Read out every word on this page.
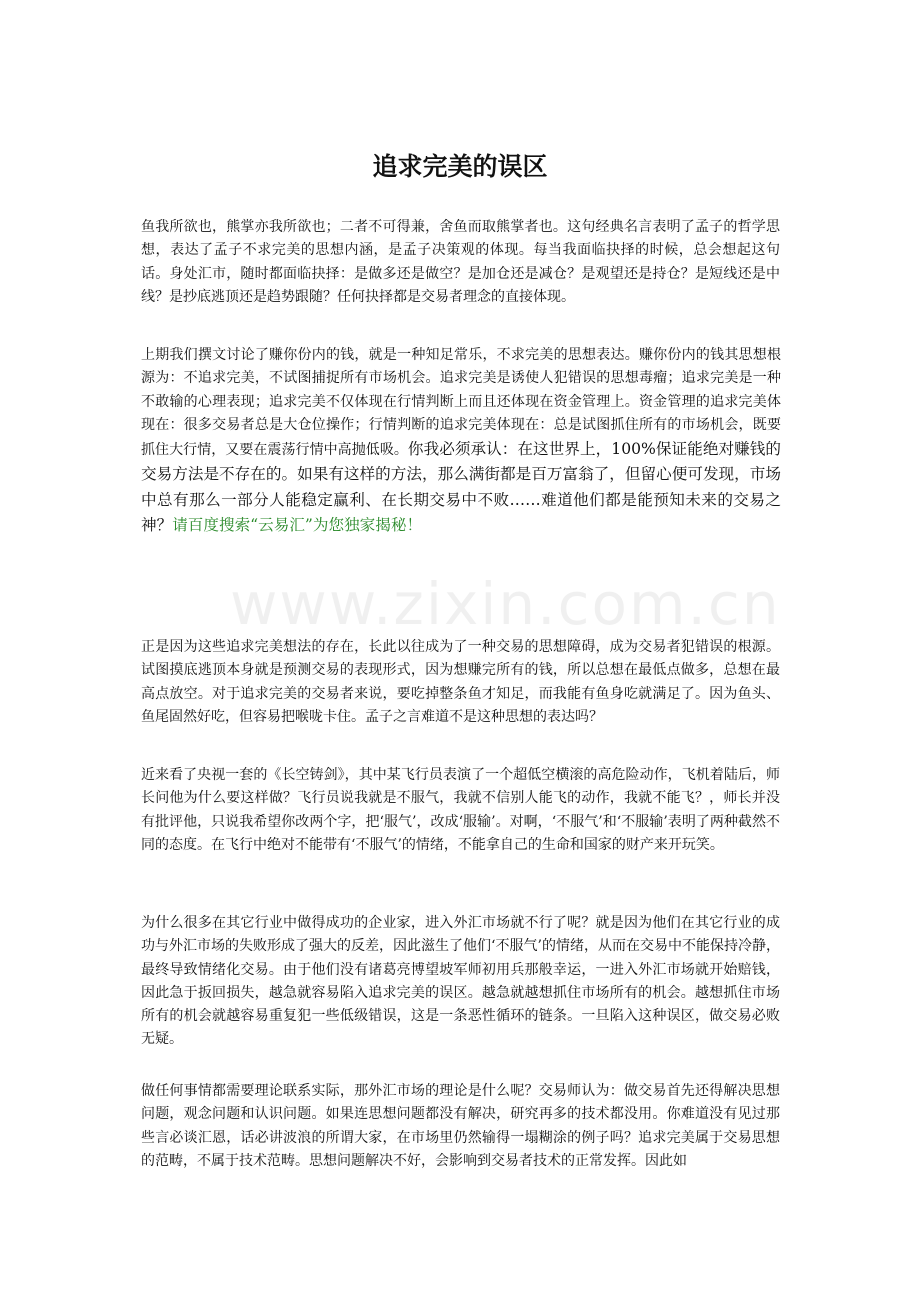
www.zixin.com.cn
追求完美的误区

鱼我所欲也，熊掌亦我所欲也；二者不可得兼，舍鱼而取熊掌者也。这句经典名言表明了孟子的哲学思想，表达了孟子不求完美的思想内涵，是孟子决策观的体现。每当我面临抉择的时候，总会想起这句话。身处汇市，随时都面临抉择：是做多还是做空？是加仓还是减仓？是观望还是持仓？是短线还是中线？是抄底逃顶还是趋势跟随？任何抉择都是交易者理念的直接体现。

上期我们撰文讨论了赚你份内的钱，就是一种知足常乐，不求完美的思想表达。赚你份内的钱其思想根源为：不追求完美，不试图捕捉所有市场机会。追求完美是诱使人犯错误的思想毒瘤；追求完美是一种不敢输的心理表现；追求完美不仅体现在行情判断上而且还体现在资金管理上。资金管理的追求完美体现在：很多交易者总是大仓位操作；行情判断的追求完美体现在：总是试图抓住所有的市场机会，既要抓住大行情，又要在震荡行情中高抛低吸。你我必须承认：在这世界上，100%保证能绝对赚钱的交易方法是不存在的。如果有这样的方法，那么满街都是百万富翁了，但留心便可发现，市场中总有那么一部分人能稳定赢利、在长期交易中不败……难道他们都是能预知未来的交易之神？请百度搜索“云易汇”为您独家揭秘！

正是因为这些追求完美想法的存在，长此以往成为了一种交易的思想障碍，成为交易者犯错误的根源。试图摸底逃顶本身就是预测交易的表现形式，因为想赚完所有的钱，所以总想在最低点做多，总想在最高点放空。对于追求完美的交易者来说，要吃掉整条鱼才知足，而我能有鱼身吃就满足了。因为鱼头、鱼尾固然好吃，但容易把喉咙卡住。孟子之言难道不是这种思想的表达吗？

近来看了央视一套的《长空铸剑》，其中某飞行员表演了一个超低空横滚的高危险动作，飞机着陆后，师长问他为什么要这样做？飞行员说我就是不服气，我就不信别人能飞的动作，我就不能飞？，师长并没有批评他，只说我希望你改两个字，把‘服气’，改成‘服输’。对啊，‘不服气’和‘不服输’表明了两种截然不同的态度。在飞行中绝对不能带有‘不服气’的情绪，不能拿自己的生命和国家的财产来开玩笑。

为什么很多在其它行业中做得成功的企业家，进入外汇市场就不行了呢？就是因为他们在其它行业的成功与外汇市场的失败形成了强大的反差，因此滋生了他们‘不服气’的情绪，从而在交易中不能保持冷静，最终导致情绪化交易。由于他们没有诸葛亮博望坡军师初用兵那般幸运，一进入外汇市场就开始赔钱，因此急于扳回损失，越急就容易陷入追求完美的误区。越急就越想抓住市场所有的机会。越想抓住市场所有的机会就越容易重复犯一些低级错误，这是一条恶性循环的链条。一旦陷入这种误区，做交易必败无疑。

做任何事情都需要理论联系实际，那外汇市场的理论是什么呢？交易师认为：做交易首先还得解决思想问题，观念问题和认识问题。如果连思想问题都没有解决，研究再多的技术都没用。你难道没有见过那些言必谈汇恩，话必讲波浪的所谓大家，在市场里仍然输得一塌糊涂的例子吗？追求完美属于交易思想的范畴，不属于技术范畴。思想问题解决不好，会影响到交易者技术的正常发挥。因此如
